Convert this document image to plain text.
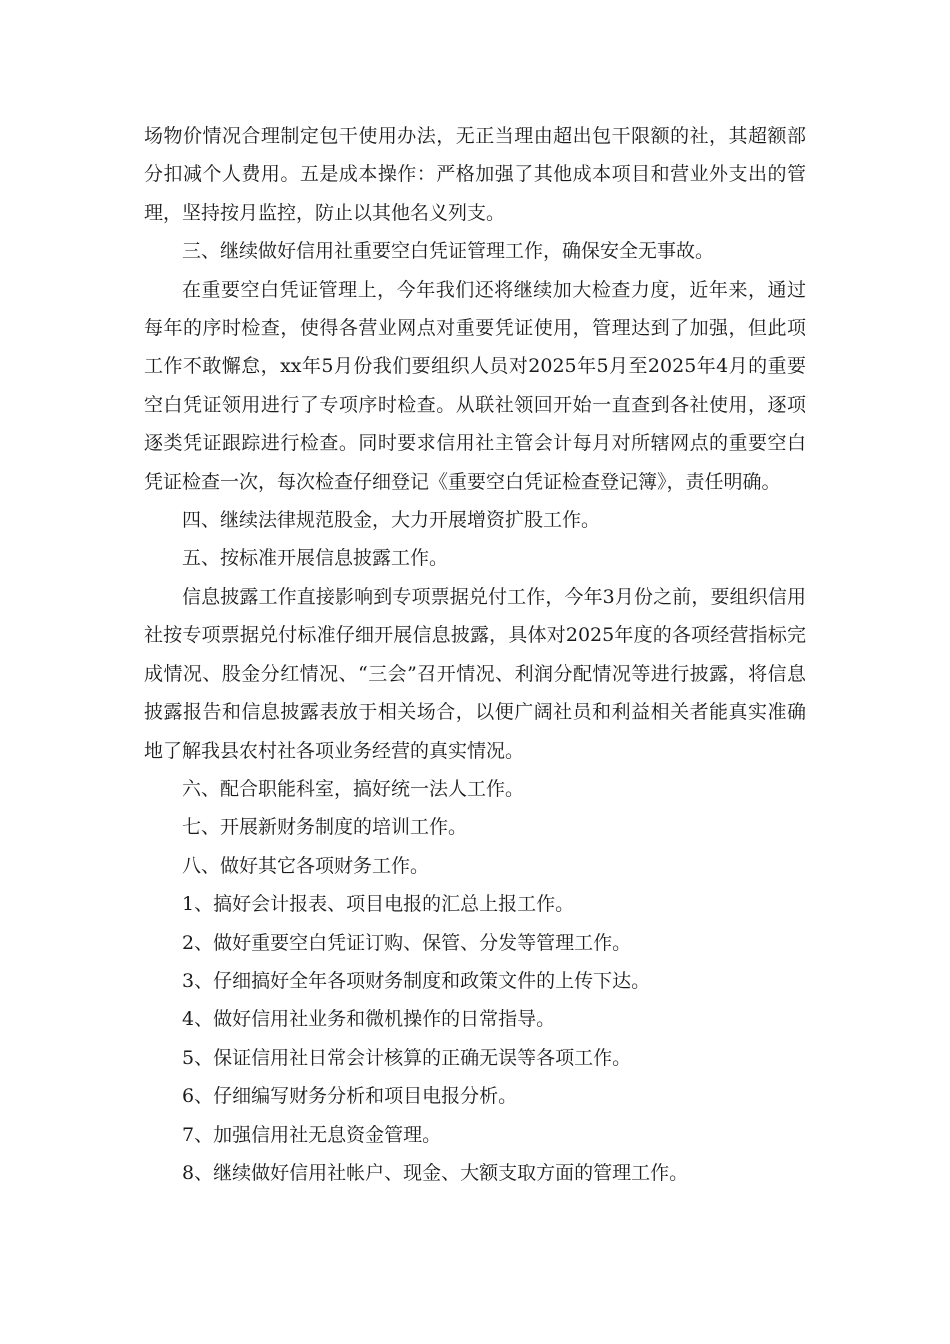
场物价情况合理制定包干使用办法，无正当理由超出包干限额的社，其超额部分扣减个人费用。五是成本操作：严格加强了其他成本项目和营业外支出的管理，坚持按月监控，防止以其他名义列支。

三、继续做好信用社重要空白凭证管理工作，确保安全无事故。

在重要空白凭证管理上，今年我们还将继续加大检查力度，近年来，通过每年的序时检查，使得各营业网点对重要凭证使用，管理达到了加强，但此项工作不敢懈怠，xx年5月份我们要组织人员对2025年5月至2025年4月的重要空白凭证领用进行了专项序时检查。从联社领回开始一直查到各社使用，逐项逐类凭证跟踪进行检查。同时要求信用社主管会计每月对所辖网点的重要空白凭证检查一次，每次检查仔细登记《重要空白凭证检查登记簿》，责任明确。

四、继续法律规范股金，大力开展增资扩股工作。

五、按标准开展信息披露工作。

信息披露工作直接影响到专项票据兑付工作，今年3月份之前，要组织信用社按专项票据兑付标准仔细开展信息披露，具体对2025年度的各项经营指标完成情况、股金分红情况、“三会”召开情况、利润分配情况等进行披露，将信息披露报告和信息披露表放于相关场合，以便广阔社员和利益相关者能真实准确地了解我县农村社各项业务经营的真实情况。

六、配合职能科室，搞好统一法人工作。

七、开展新财务制度的培训工作。

八、做好其它各项财务工作。

1、搞好会计报表、项目电报的汇总上报工作。

2、做好重要空白凭证订购、保管、分发等管理工作。

3、仔细搞好全年各项财务制度和政策文件的上传下达。

4、做好信用社业务和微机操作的日常指导。

5、保证信用社日常会计核算的正确无误等各项工作。

6、仔细编写财务分析和项目电报分析。

7、加强信用社无息资金管理。

8、继续做好信用社帐户、现金、大额支取方面的管理工作。
